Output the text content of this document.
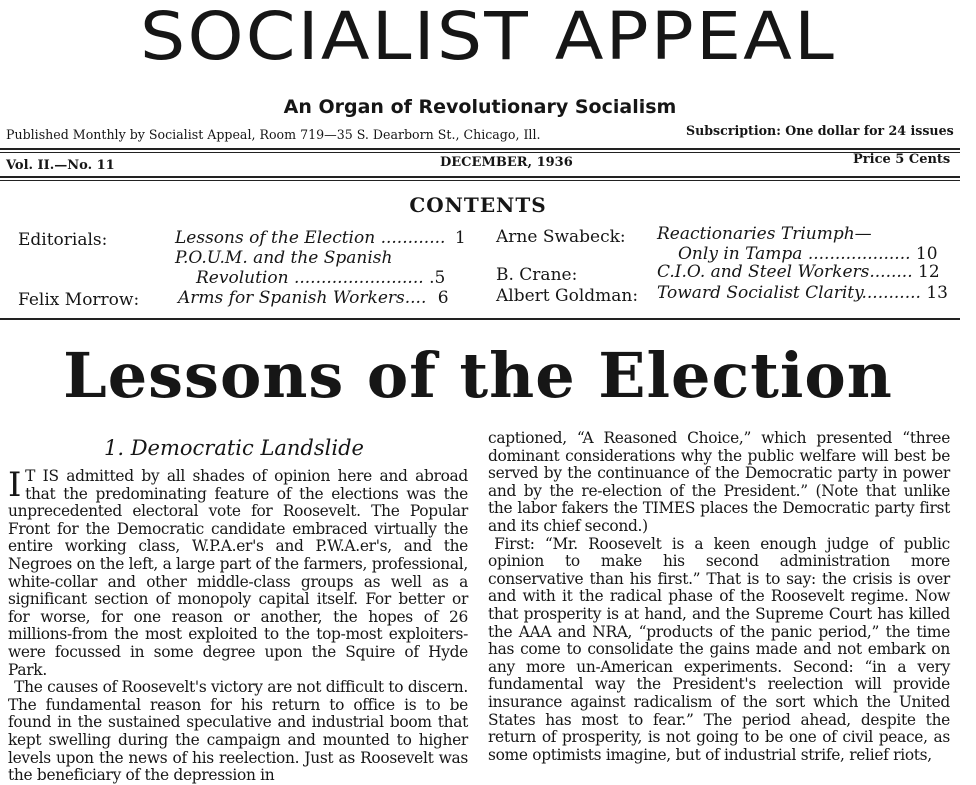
SOCIALIST APPEAL
An Organ of Revolutionary Socialism
Published Monthly by Socialist Appeal, Room 719—35 S. Dearborn St., Chicago, Ill.	Subscription: One dollar for 24 issues
Vol. II.—No. 11	DECEMBER, 1936	Price 5 Cents
CONTENTS
Editorials:	Lessons of the Election ............ 1
P.O.U.M. and the Spanish
Revolution ........................ .5
Felix Morrow: Arms for Spanish Workers.... 6
Arne Swabeck: Reactionaries Triumph—
Only in Tampa ................... 10
B. Crane:	C.I.O. and Steel Workers........ 12
Albert Goldman: Toward Socialist Clarity........... 13
Lessons of the Election
1. Democratic Landslide

I T IS admitted by all shades of opinion here and abroad that the predominating feature of the elections was the unprecedented electoral vote for Roosevelt. The Popular Front for the Democratic candidate embraced virtually the entire working class, W.P.A.er's and P.W.A.er's, and the Negroes on the left, a large part of the farmers, professional, white-collar and other middle-class groups as well as a significant section of monopoly capital itself. For better or for worse, for one reason or another, the hopes of 26 millions-from the most exploited to the top-most exploiters-were focussed in some degree upon the Squire of Hyde Park.

The causes of Roosevelt's victory are not difficult to discern. The fundamental reason for his return to office is to be found in the sustained speculative and industrial boom that kept swelling during the campaign and mounted to higher levels upon the news of his reelection. Just as Roosevelt was the beneficiary of the depression in

captioned, “A Reasoned Choice,” which presented “three dominant considerations why the public welfare will best be served by the continuance of the Democratic party in power and by the re-election of the President.” (Note that unlike the labor fakers the TIMES places the Democratic party first and its chief second.)

First: “Mr. Roosevelt is a keen enough judge of public opinion to make his second administration more conservative than his first.” That is to say: the crisis is over and with it the radical phase of the Roosevelt regime. Now that prosperity is at hand, and the Supreme Court has killed the AAA and NRA, “products of the panic period,” the time has come to consolidate the gains made and not embark on any more un-American experiments. Second: “in a very fundamental way the President's reelection will provide insurance against radicalism of the sort which the United States has most to fear.” The period ahead, despite the return of prosperity, is not going to be one of civil peace, as some optimists imagine, but of industrial strife, relief riots,
